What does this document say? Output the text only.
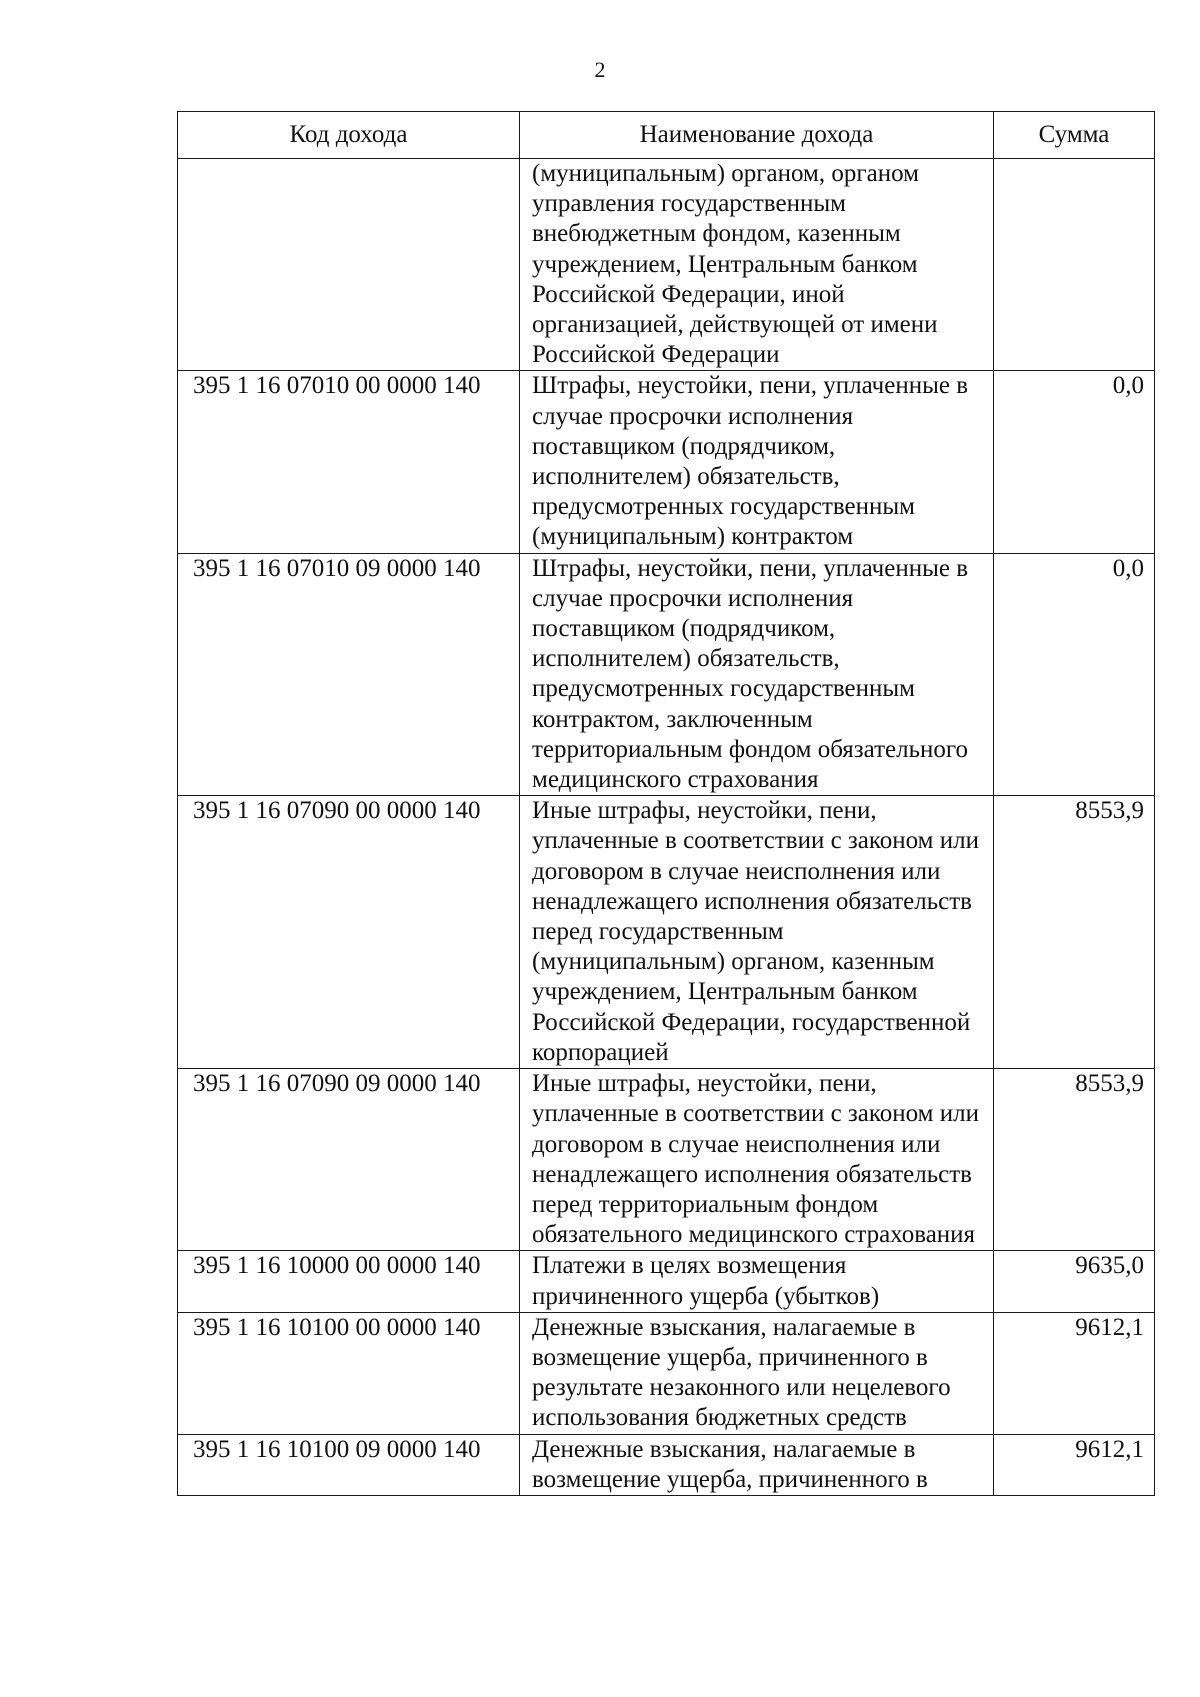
2
Код дохода	Наименование дохода	Сумма
	(муниципальным) органом, органом управления государственным внебюджетным фондом, казенным учреждением, Центральным банком Российской Федерации, иной организацией, действующей от имени Российской Федерации	
395 1 16 07010 00 0000 140	Штрафы, неустойки, пени, уплаченные в случае просрочки исполнения поставщиком (подрядчиком, исполнителем) обязательств, предусмотренных государственным (муниципальным) контрактом	0,0
395 1 16 07010 09 0000 140	Штрафы, неустойки, пени, уплаченные в случае просрочки исполнения поставщиком (подрядчиком, исполнителем) обязательств, предусмотренных государственным контрактом, заключенным территориальным фондом обязательного медицинского страхования	0,0
395 1 16 07090 00 0000 140	Иные штрафы, неустойки, пени, уплаченные в соответствии с законом или договором в случае неисполнения или ненадлежащего исполнения обязательств перед государственным (муниципальным) органом, казенным учреждением, Центральным банком Российской Федерации, государственной корпорацией	8553,9
395 1 16 07090 09 0000 140	Иные штрафы, неустойки, пени, уплаченные в соответствии с законом или договором в случае неисполнения или ненадлежащего исполнения обязательств перед территориальным фондом обязательного медицинского страхования	8553,9
395 1 16 10000 00 0000 140	Платежи в целях возмещения причиненного ущерба (убытков)	9635,0
395 1 16 10100 00 0000 140	Денежные взыскания, налагаемые в возмещение ущерба, причиненного в результате незаконного или нецелевого использования бюджетных средств	9612,1
395 1 16 10100 09 0000 140	Денежные взыскания, налагаемые в возмещение ущерба, причиненного в	9612,1
